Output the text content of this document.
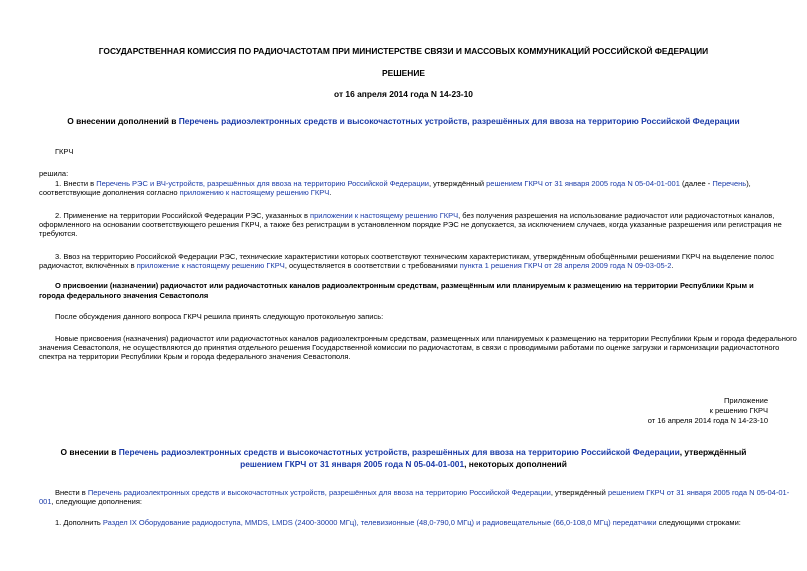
ГОСУДАРСТВЕННАЯ КОМИССИЯ ПО РАДИОЧАСТОТАМ ПРИ МИНИСТЕРСТВЕ СВЯЗИ И МАССОВЫХ КОММУНИКАЦИЙ РОССИЙСКОЙ ФЕДЕРАЦИИ
РЕШЕНИЕ
от 16 апреля 2014 года N 14-23-10
О внесении дополнений в Перечень радиоэлектронных средств и высокочастотных устройств, разрешённых для ввоза на территорию Российской Федерации
ГКРЧ
решила:
1. Внести в Перечень РЭС и ВЧ-устройств, разрешённых для ввоза на территорию Российской Федерации, утверждённый решением ГКРЧ от 31 января 2005 года N 05-04-01-001 (далее - Перечень),
соответствующие дополнения согласно приложению к настоящему решению ГКРЧ.
2. Применение на территории Российской Федерации РЭС, указанных в приложении к настоящему решению ГКРЧ, без получения разрешения на использование радиочастот или радиочастотных каналов,
оформленного на основании соответствующего решения ГКРЧ, а также без регистрации в установленном порядке РЭС не допускается, за исключением случаев, когда указанные разрешения или регистрация не
требуются.
3. Ввоз на территорию Российской Федерации РЭС, технические характеристики которых соответствуют техническим характеристикам, утверждённым обобщёнными решениями ГКРЧ на выделение полос
радиочастот, включённых в приложение к настоящему решению ГКРЧ, осуществляется в соответствии с требованиями пункта 1 решения ГКРЧ от 28 апреля 2009 года N 09-03-05-2.
О присвоении (назначении) радиочастот или радиочастотных каналов радиоэлектронным средствам, размещённым или планируемым к размещению на территории Республики Крым и
города федерального значения Севастополя
После обсуждения данного вопроса ГКРЧ решила принять следующую протокольную запись:
Новые присвоения (назначения) радиочастот или радиочастотных каналов радиоэлектронным средствам, размещенных или планируемых к размещению на территории Республики Крым и города федерального
значения Севастополя, не осуществляются до принятия отдельного решения Государственной комиссии по радиочастотам, в связи с проводимыми работами по оценке загрузки и гармонизации радиочастотного
спектра на территории Республики Крым и города федерального значения Севастополя.
Приложение
к решению ГКРЧ
от 16 апреля 2014 года N 14-23-10
О внесении в Перечень радиоэлектронных средств и высокочастотных устройств, разрешённых для ввоза на территорию Российской Федерации, утверждённый
решением ГКРЧ от 31 января 2005 года N 05-04-01-001, некоторых дополнений
Внести в Перечень радиоэлектронных средств и высокочастотных устройств, разрешённых для ввоза на территорию Российской Федерации, утверждённый решением ГКРЧ от 31 января 2005 года N 05-04-01-
001, следующие дополнения:
1. Дополнить Раздел IX Оборудование радиодоступа, MMDS, LMDS (2400-30000 МГц), телевизионные (48,0-790,0 МГц) и радиовещательные (66,0-108,0 МГц) передатчики следующими строками:
